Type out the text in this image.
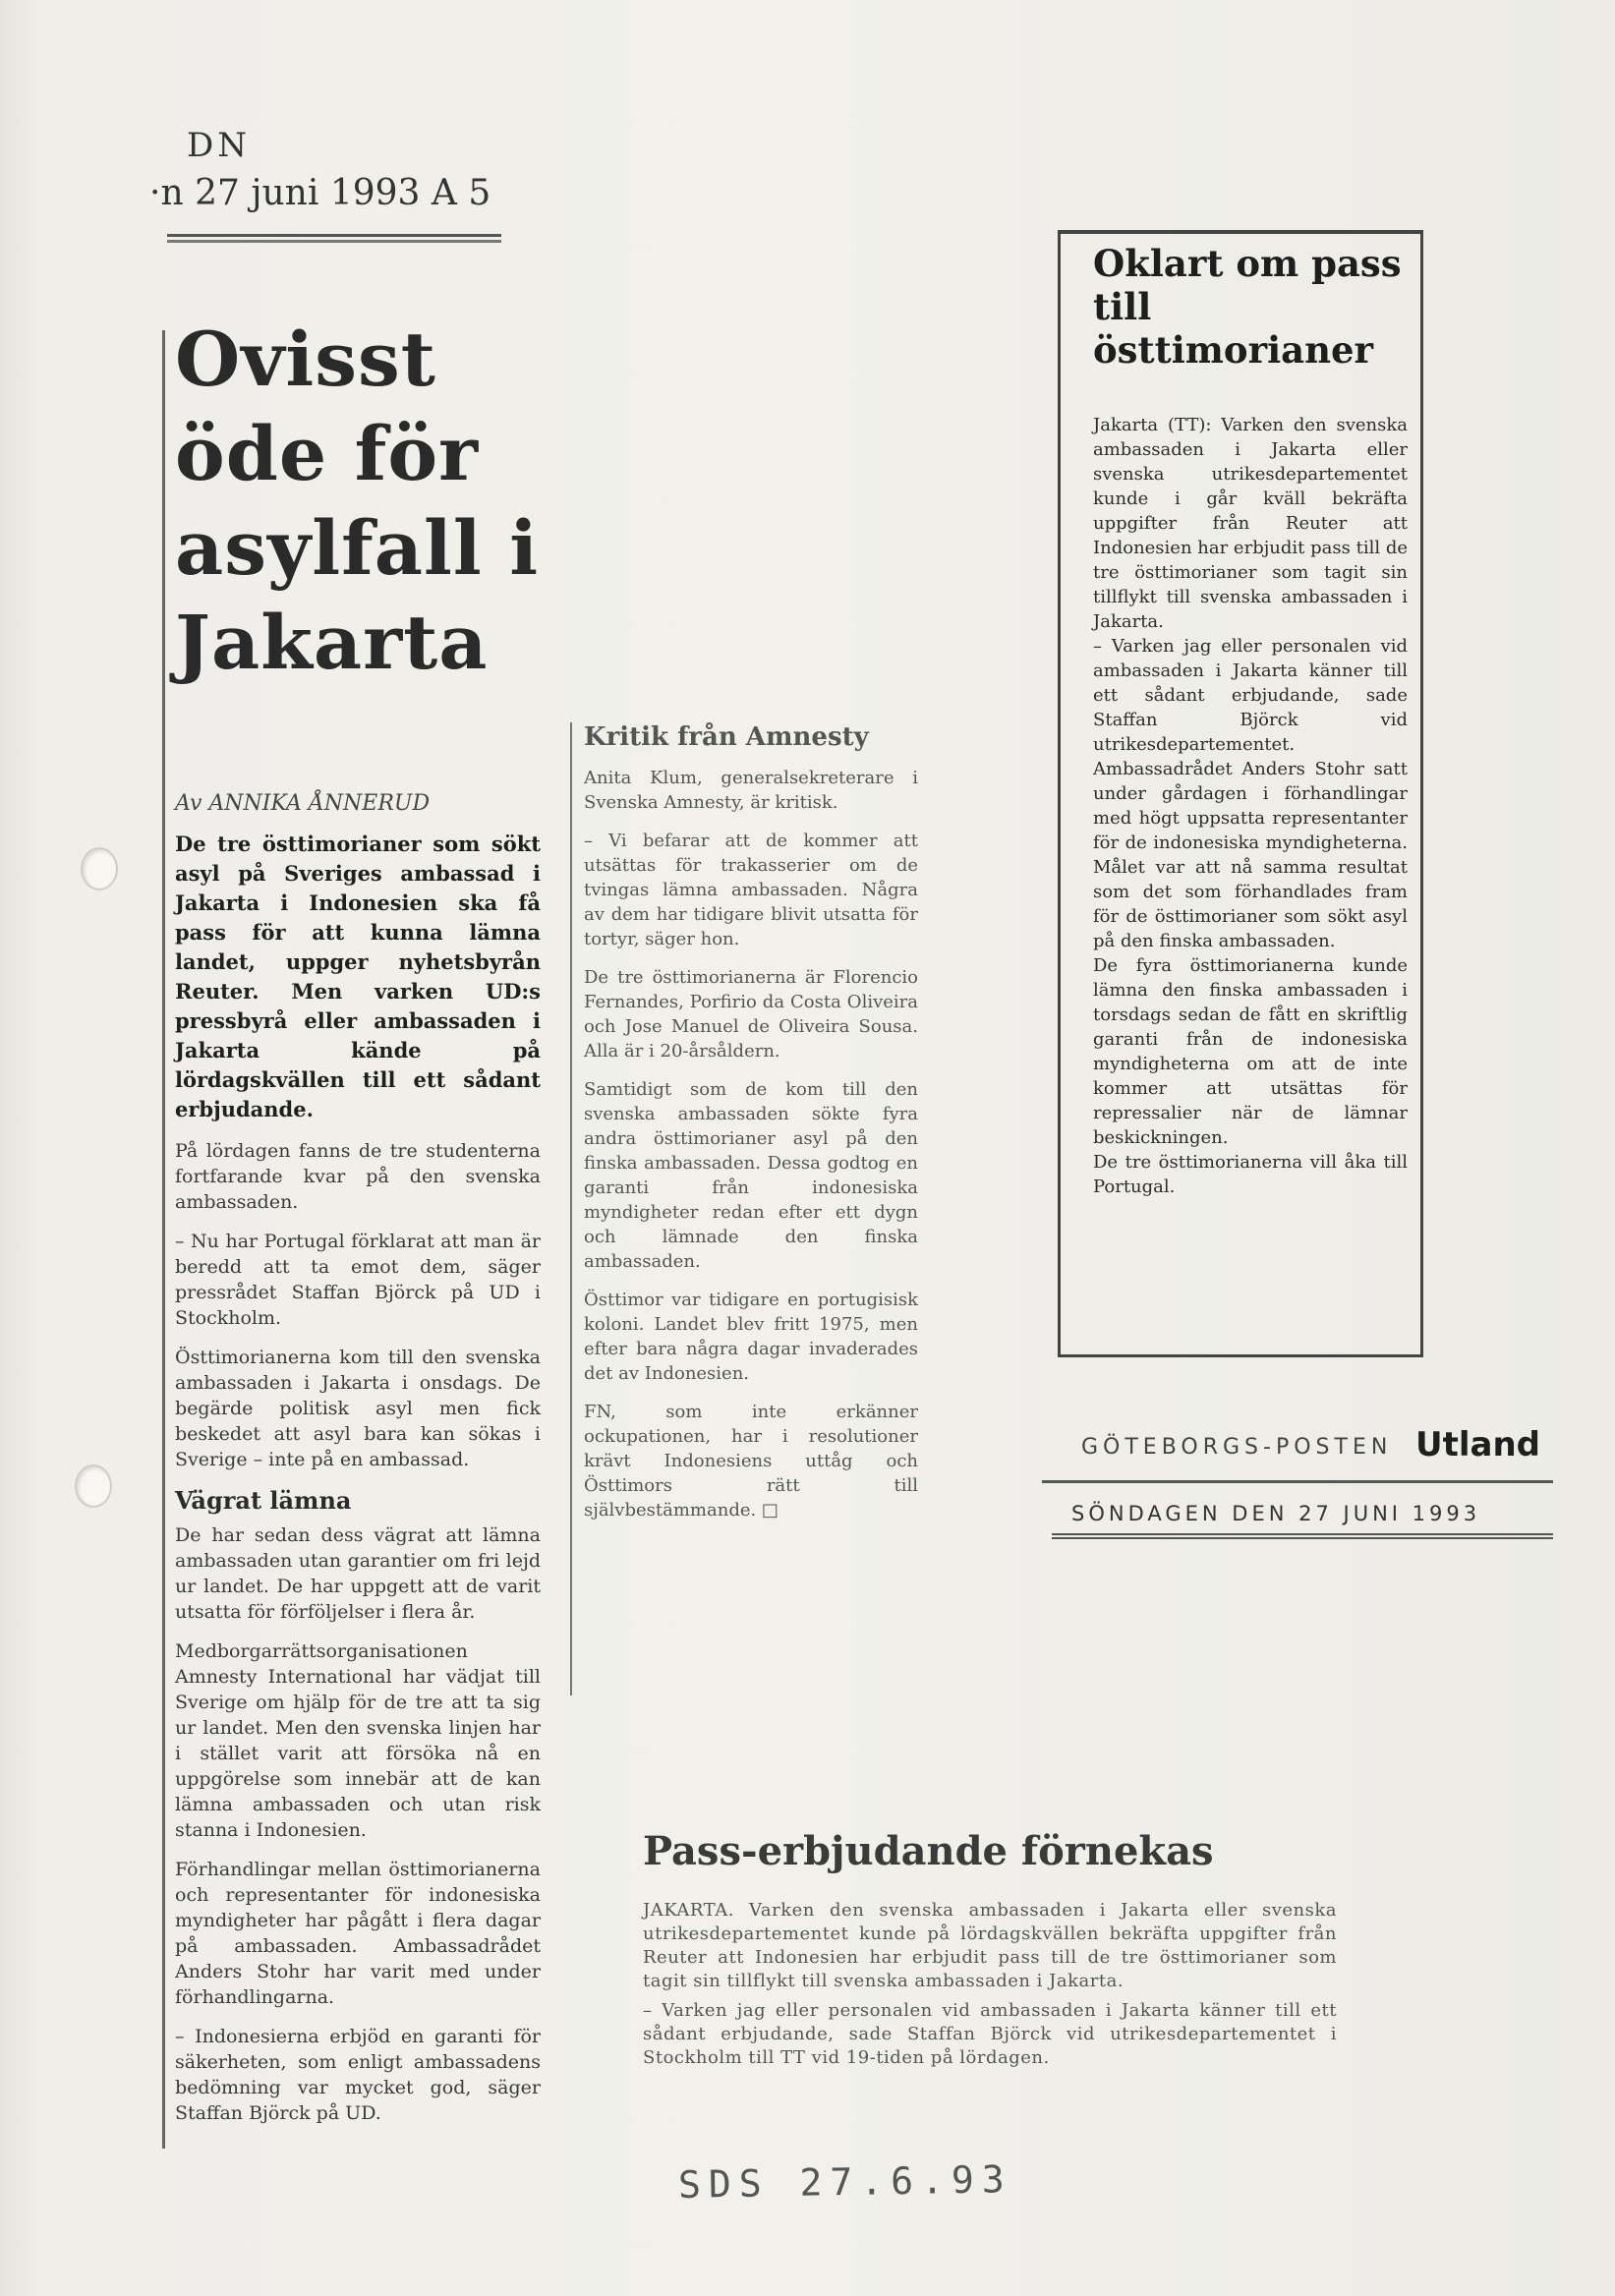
DN
·n 27 juni 1993 A 5
Ovisst öde för asylfall i Jakarta
Av ANNIKA ÅNNERUD

De tre östtimorianer som sökt asyl på Sveriges ambassad i Jakarta i Indonesien ska få pass för att kunna lämna landet, uppger nyhetsbyrån Reuter. Men varken UD:s pressbyrå eller ambassaden i Jakarta kände på lördagskvällen till ett sådant erbjudande.

På lördagen fanns de tre studenterna fortfarande kvar på den svenska ambassaden.

– Nu har Portugal förklarat att man är beredd att ta emot dem, säger pressrådet Staffan Björck på UD i Stockholm.

Östtimorianerna kom till den svenska ambassaden i Jakarta i onsdags. De begärde politisk asyl men fick beskedet att asyl bara kan sökas i Sverige – inte på en ambassad.

Vägrat lämna

De har sedan dess vägrat att lämna ambassaden utan garantier om fri lejd ur landet. De har uppgett att de varit utsatta för förföljelser i flera år.

Medborgarrättsorganisationen Amnesty International har vädjat till Sverige om hjälp för de tre att ta sig ur landet. Men den svenska linjen har i stället varit att försöka nå en uppgörelse som innebär att de kan lämna ambassaden och utan risk stanna i Indonesien.

Förhandlingar mellan östtimorianerna och representanter för indonesiska myndigheter har pågått i flera dagar på ambassaden. Ambassadrådet Anders Stohr har varit med under förhandlingarna.

– Indonesierna erbjöd en garanti för säkerheten, som enligt ambassadens bedömning var mycket god, säger Staffan Björck på UD.

Kritik från Amnesty

Anita Klum, generalsekreterare i Svenska Amnesty, är kritisk.

– Vi befarar att de kommer att utsättas för trakasserier om de tvingas lämna ambassaden. Några av dem har tidigare blivit utsatta för tortyr, säger hon.

De tre östtimorianerna är Florencio Fernandes, Porfirio da Costa Oliveira och Jose Manuel de Oliveira Sousa. Alla är i 20-årsåldern.

Samtidigt som de kom till den svenska ambassaden sökte fyra andra östtimorianer asyl på den finska ambassaden. Dessa godtog en garanti från indonesiska myndigheter redan efter ett dygn och lämnade den finska ambassaden.

Östtimor var tidigare en portugisisk koloni. Landet blev fritt 1975, men efter bara några dagar invaderades det av Indonesien.

FN, som inte erkänner ockupationen, har i resolutioner krävt Indonesiens uttåg och Östtimors rätt till självbestämmande. □

Oklart om pass till östtimorianer

Jakarta (TT): Varken den svenska ambassaden i Jakarta eller svenska utrikesdepartementet kunde i går kväll bekräfta uppgifter från Reuter att Indonesien har erbjudit pass till de tre östtimorianer som tagit sin tillflykt till svenska ambassaden i Jakarta.

– Varken jag eller personalen vid ambassaden i Jakarta känner till ett sådant erbjudande, sade Staffan Björck vid utrikesdepartementet.

Ambassadrådet Anders Stohr satt under gårdagen i förhandlingar med högt uppsatta representanter för de indonesiska myndigheterna. Målet var att nå samma resultat som det som förhandlades fram för de östtimorianer som sökt asyl på den finska ambassaden.

De fyra östtimorianerna kunde lämna den finska ambassaden i torsdags sedan de fått en skriftlig garanti från de indonesiska myndigheterna om att de inte kommer att utsättas för repressalier när de lämnar beskickningen.

De tre östtimorianerna vill åka till Portugal.

GÖTEBORGS-POSTEN Utland
SÖNDAGEN DEN 27 JUNI 1993
Pass-erbjudande förnekas

JAKARTA. Varken den svenska ambassaden i Jakarta eller svenska utrikesdepartementet kunde på lördagskvällen bekräfta uppgifter från Reuter att Indonesien har erbjudit pass till de tre östtimorianer som tagit sin tillflykt till svenska ambassaden i Jakarta.

– Varken jag eller personalen vid ambassaden i Jakarta känner till ett sådant erbjudande, sade Staffan Björck vid utrikesdepartementet i Stockholm till TT vid 19-tiden på lördagen.

SDS 27.6.93
